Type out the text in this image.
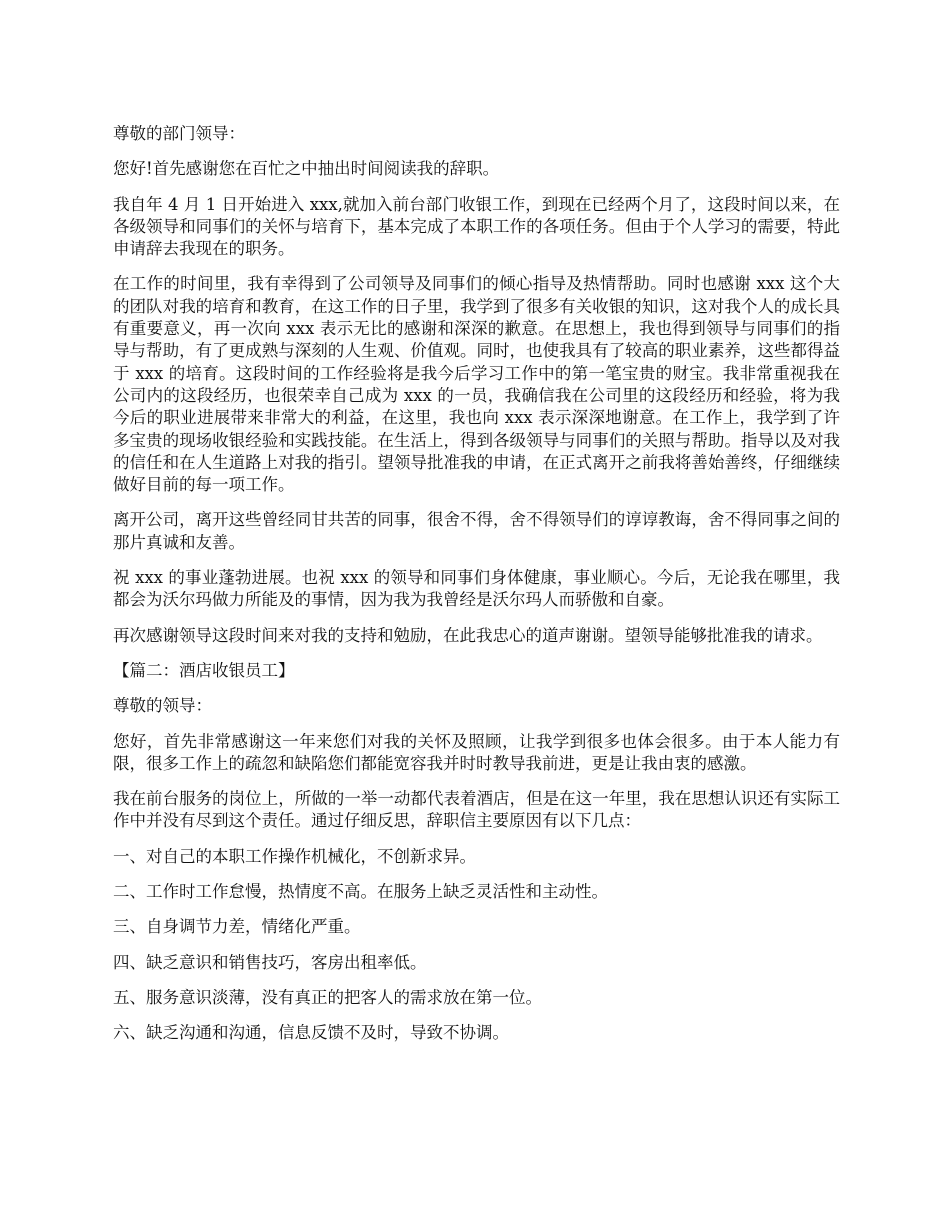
尊敬的部门领导：

您好!首先感谢您在百忙之中抽出时间阅读我的辞职。

我自年 4 月 1 日开始进入 xxx,就加入前台部门收银工作，到现在已经两个月了，这段时间以来，在各级领导和同事们的关怀与培育下，基本完成了本职工作的各项任务。但由于个人学习的需要，特此申请辞去我现在的职务。

在工作的时间里，我有幸得到了公司领导及同事们的倾心指导及热情帮助。同时也感谢 xxx 这个大的团队对我的培育和教育，在这工作的日子里，我学到了很多有关收银的知识，这对我个人的成长具有重要意义，再一次向 xxx 表示无比的感谢和深深的歉意。在思想上，我也得到领导与同事们的指导与帮助，有了更成熟与深刻的人生观、价值观。同时，也使我具有了较高的职业素养，这些都得益于 xxx 的培育。这段时间的工作经验将是我今后学习工作中的第一笔宝贵的财宝。我非常重视我在公司内的这段经历，也很荣幸自己成为 xxx 的一员，我确信我在公司里的这段经历和经验，将为我今后的职业进展带来非常大的利益，在这里，我也向 xxx 表示深深地谢意。在工作上，我学到了许多宝贵的现场收银经验和实践技能。在生活上，得到各级领导与同事们的关照与帮助。指导以及对我的信任和在人生道路上对我的指引。望领导批准我的申请，在正式离开之前我将善始善终，仔细继续做好目前的每一项工作。

离开公司，离开这些曾经同甘共苦的同事，很舍不得，舍不得领导们的谆谆教诲，舍不得同事之间的那片真诚和友善。

祝 xxx 的事业蓬勃进展。也祝 xxx 的领导和同事们身体健康，事业顺心。今后，无论我在哪里，我都会为沃尔玛做力所能及的事情，因为我为我曾经是沃尔玛人而骄傲和自豪。

再次感谢领导这段时间来对我的支持和勉励，在此我忠心的道声谢谢。望领导能够批准我的请求。

【篇二：酒店收银员工】

尊敬的领导：

您好，首先非常感谢这一年来您们对我的关怀及照顾，让我学到很多也体会很多。由于本人能力有限，很多工作上的疏忽和缺陷您们都能宽容我并时时教导我前进，更是让我由衷的感激。

我在前台服务的岗位上，所做的一举一动都代表着酒店，但是在这一年里，我在思想认识还有实际工作中并没有尽到这个责任。通过仔细反思，辞职信主要原因有以下几点：

一、对自己的本职工作操作机械化，不创新求异。

二、工作时工作怠慢，热情度不高。在服务上缺乏灵活性和主动性。

三、自身调节力差，情绪化严重。

四、缺乏意识和销售技巧，客房出租率低。

五、服务意识淡薄，没有真正的把客人的需求放在第一位。

六、缺乏沟通和沟通，信息反馈不及时，导致不协调。
